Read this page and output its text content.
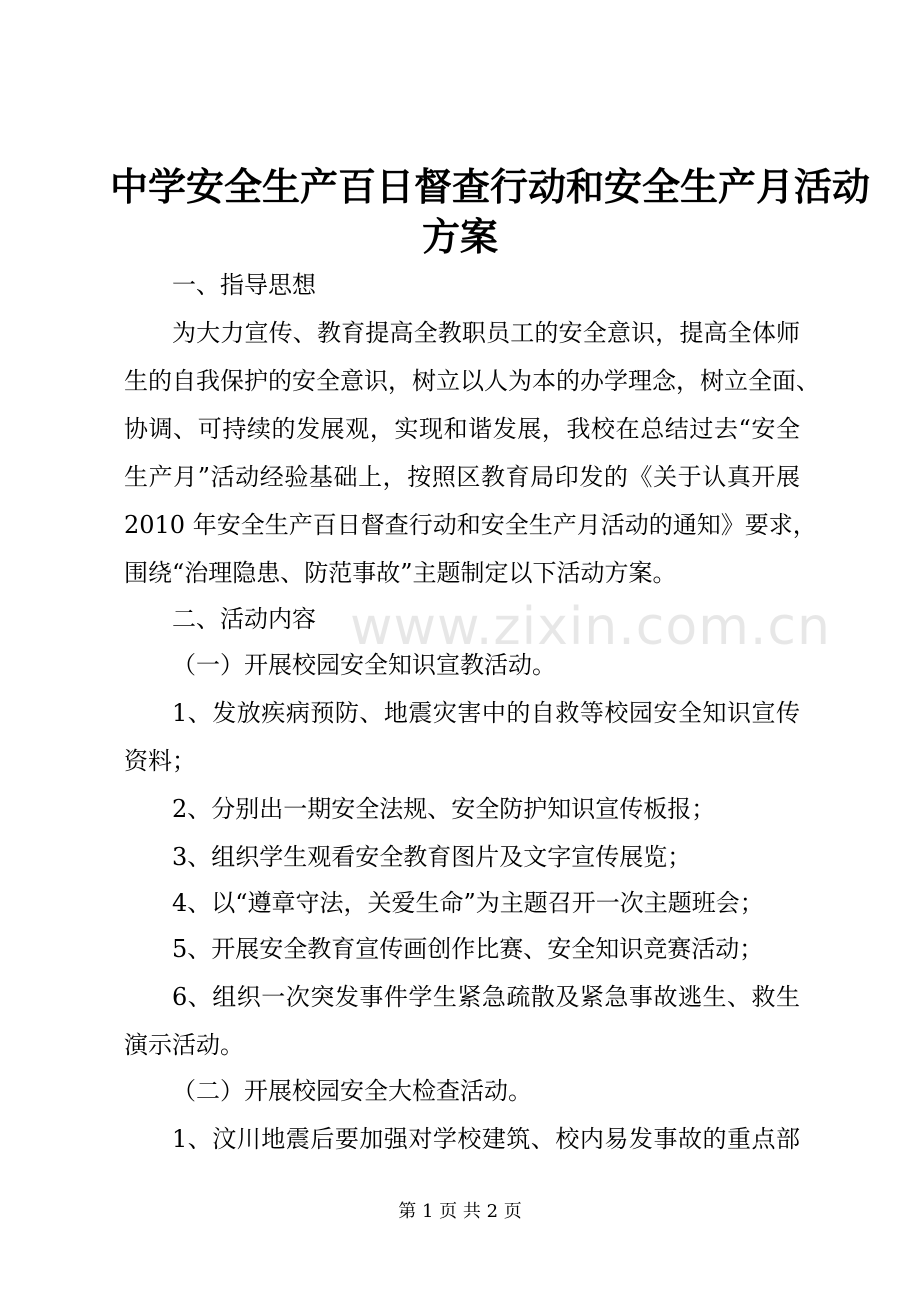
中学安全生产百日督查行动和安全生产月活动
方案
一、指导思想
为大力宣传、教育提高全教职员工的安全意识，提高全体师
生的自我保护的安全意识，树立以人为本的办学理念，树立全面、
协调、可持续的发展观，实现和谐发展，我校在总结过去“安全
生产月”活动经验基础上，按照区教育局印发的《关于认真开展
2010 年安全生产百日督查行动和安全生产月活动的通知》要求，
围绕“治理隐患、防范事故”主题制定以下活动方案。
二、活动内容
（一）开展校园安全知识宣教活动。
1、发放疾病预防、地震灾害中的自救等校园安全知识宣传
资料；
2、分别出一期安全法规、安全防护知识宣传板报；
3、组织学生观看安全教育图片及文字宣传展览；
4、以“遵章守法，关爱生命”为主题召开一次主题班会；
5、开展安全教育宣传画创作比赛、安全知识竞赛活动；
6、组织一次突发事件学生紧急疏散及紧急事故逃生、救生
演示活动。
（二）开展校园安全大检查活动。
1、汶川地震后要加强对学校建筑、校内易发事故的重点部
www.zixin.com.cn
第 1 页 共 2 页
